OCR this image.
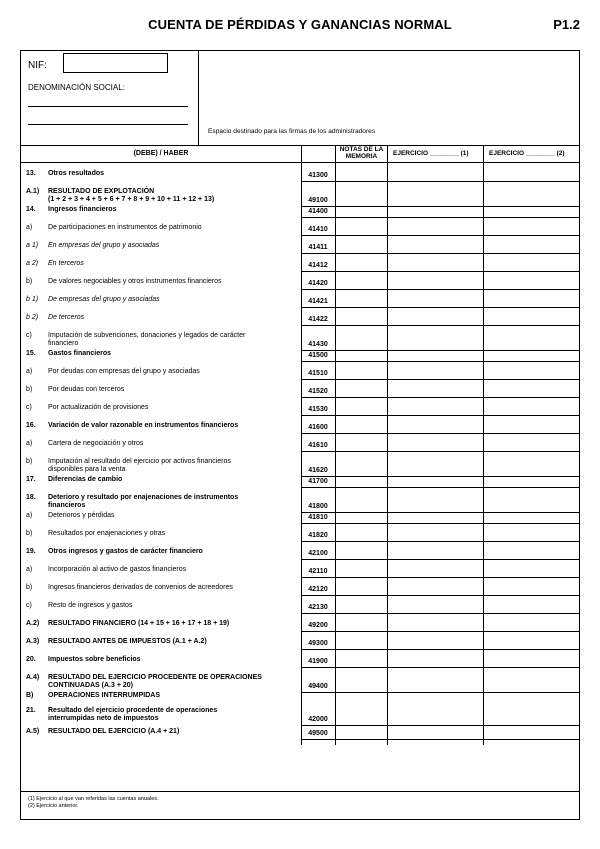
CUENTA DE PÉRDIDAS Y GANANCIAS NORMAL	P1.2
NIF:
DENOMINACIÓN SOCIAL:
Espacio destinado para las firmas de los administradores
(DEBE) / HABER
NOTAS DE LA MEMORIA	EJERCICIO ________ (1)	EJERCICIO ________ (2)
13. Otros resultados	41300
A.1) RESULTADO DE EXPLOTACIÓN
(1 + 2 + 3 + 4 + 5 + 6 + 7 + 8 + 9 + 10 + 11 + 12 + 13)	49100
14. Ingresos financieros	41400
a) De participaciones en instrumentos de patrimonio	41410
a 1) En empresas del grupo y asociadas	41411
a 2) En terceros	41412
b) De valores negociables y otros instrumentos financieros	41420
b 1) De empresas del grupo y asociadas	41421
b 2) De terceros	41422
c) Imputación de subvenciones, donaciones y legados de carácter
financiero	41430
15. Gastos financieros	41500
a) Por deudas con empresas del grupo y asociadas	41510
b) Por deudas con terceros	41520
c) Por actualización de provisiones	41530
16. Variación de valor razonable en instrumentos financieros	41600
a) Cartera de negociación y otros	41610
b) Imputación al resultado del ejercicio por activos financieros
disponibles para la venta	41620
17. Diferencias de cambio	41700
18. Deterioro y resultado por enajenaciones de instrumentos
financieros	41800
a) Deterioros y pérdidas	41810
b) Resultados por enajenaciones y otras	41820
19. Otros ingresos y gastos de carácter financiero	42100
a) Incorporación al activo de gastos financieros	42110
b) Ingresos financieros derivados de convenios de acreedores	42120
c) Resto de ingresos y gastos	42130
A.2) RESULTADO FINANCIERO (14 + 15 + 16 + 17 + 18 + 19)	49200
A.3) RESULTADO ANTES DE IMPUESTOS (A.1 + A.2)	49300
20. Impuestos sobre beneficios	41900
A.4) RESULTADO DEL EJERCICIO PROCEDENTE DE OPERACIONES
CONTINUADAS (A.3 + 20)	49400
B) OPERACIONES INTERRUMPIDAS
21. Resultado del ejercicio procedente de operaciones
interrumpidas neto de impuestos	42000
A.5) RESULTADO DEL EJERCICIO (A.4 + 21)	49500
(1) Ejercicio al que van referidas las cuentas anuales.
(2) Ejercicio anterior.
